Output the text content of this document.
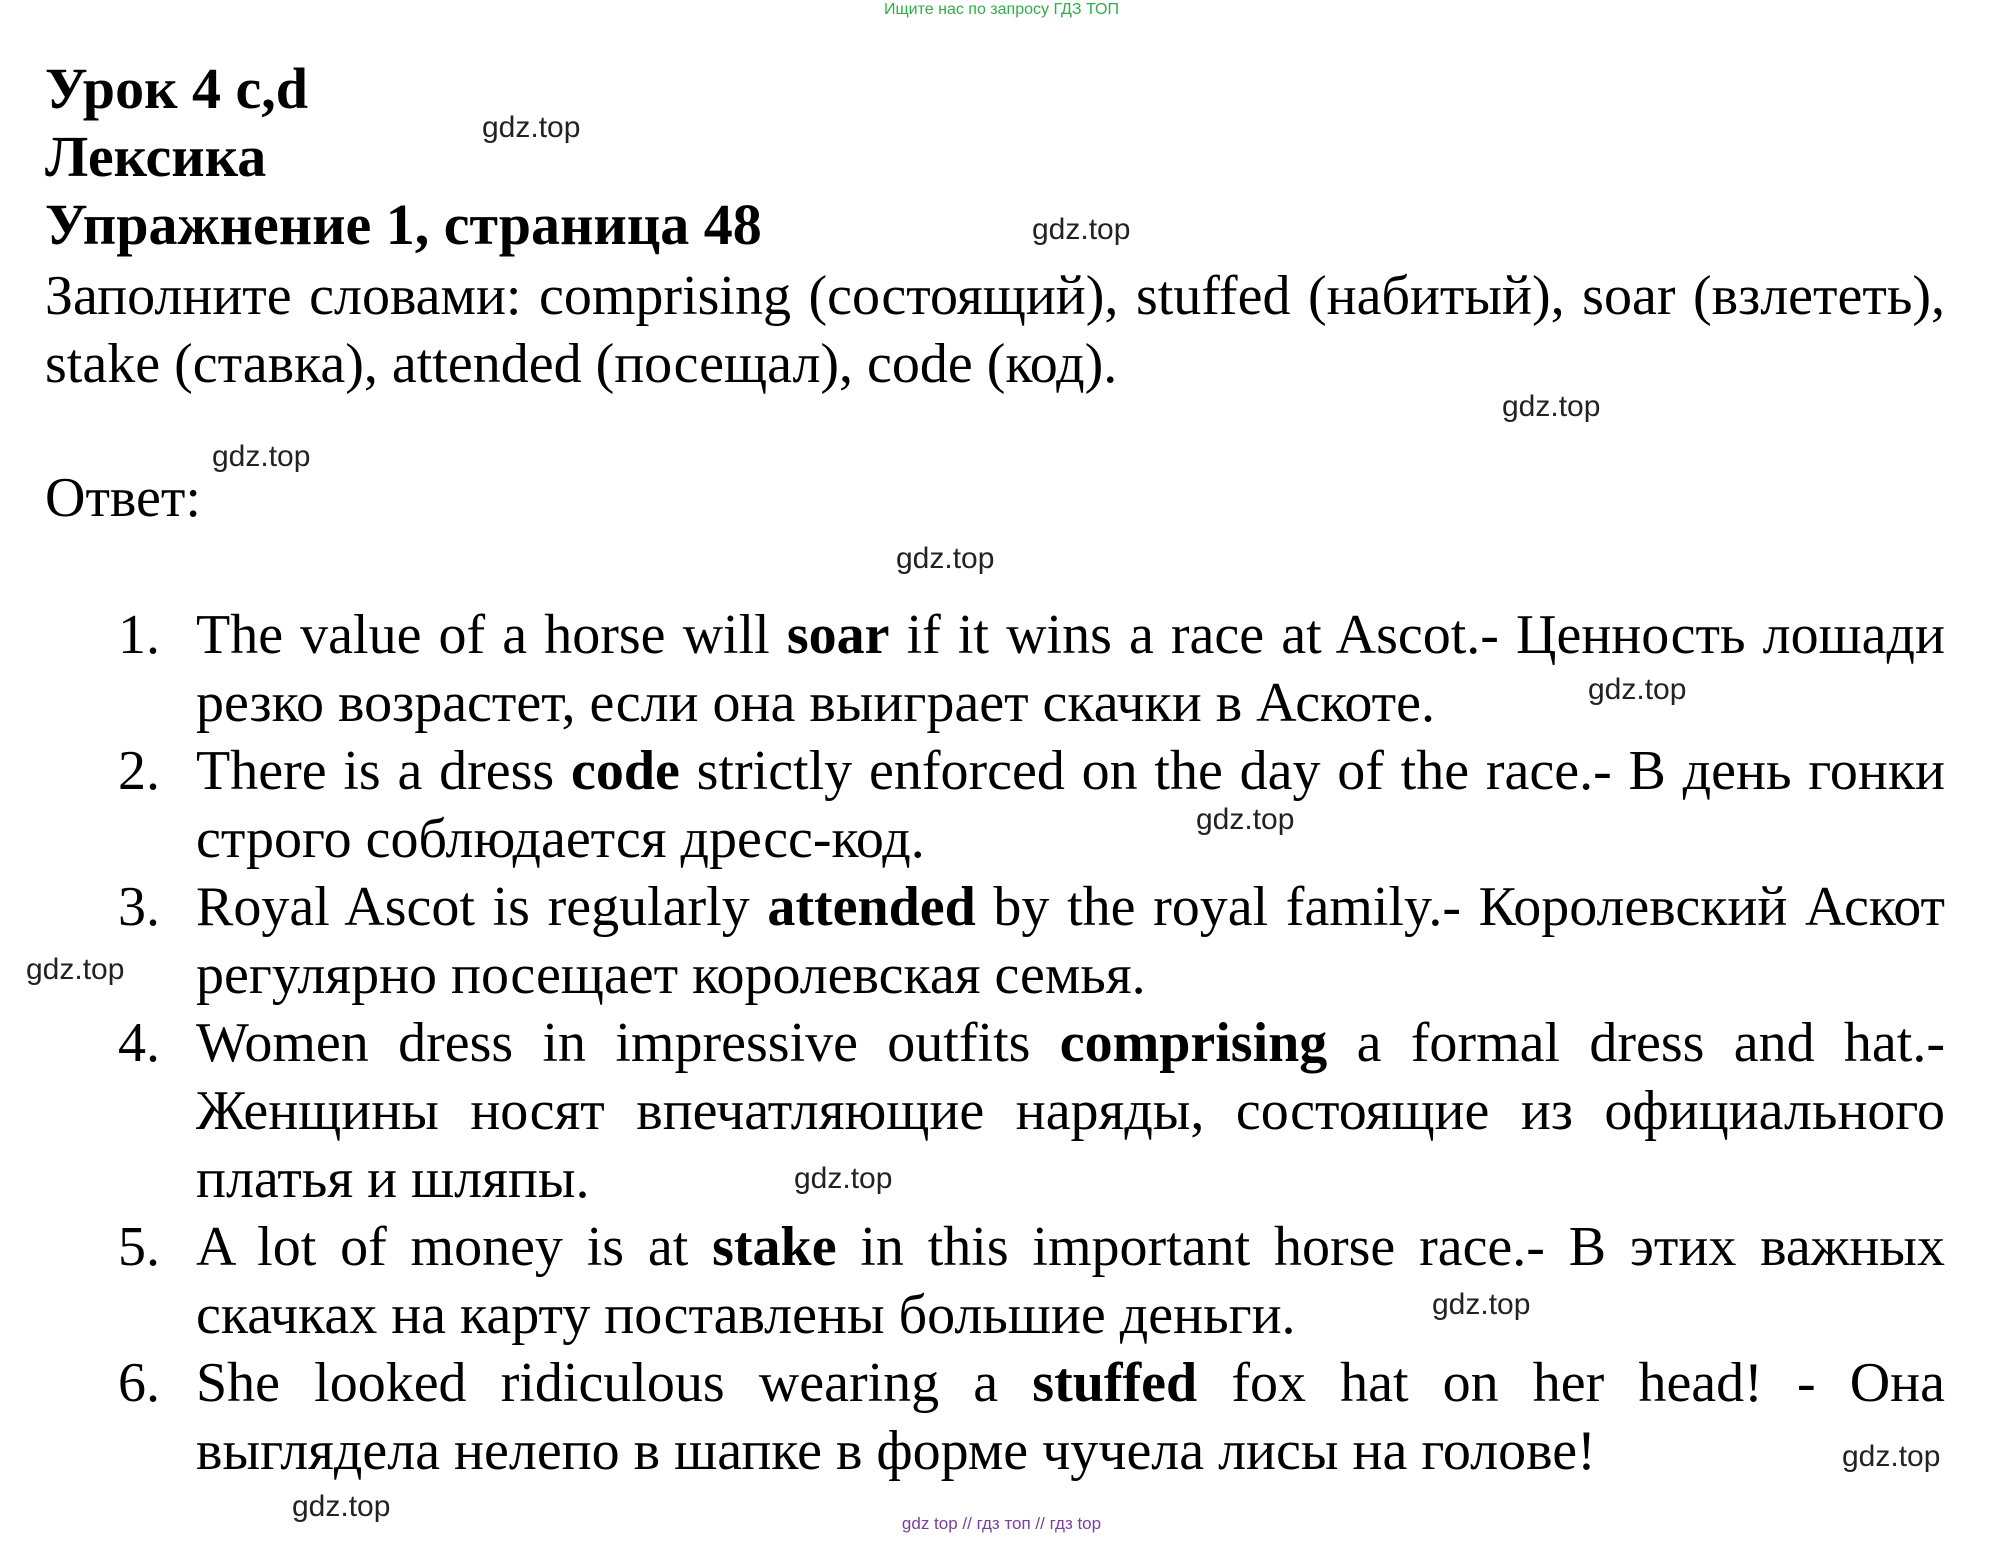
Ищите нас по запросу ГДЗ ТОП
Урок 4 c,d
Лексика
Упражнение 1, страница 48
Заполните словами: comprising (состоящий), stuffed (набитый), soar (взлететь), stake (ставка), attended (посещал), code (код).
Ответ:
1. The value of a horse will soar if it wins a race at Ascot.- Ценность лошади резко возрастет, если она выиграет скачки в Аскоте.
2. There is a dress code strictly enforced on the day of the race.- В день гонки строго соблюдается дресс-код.
3. Royal Ascot is regularly attended by the royal family.- Королевский Аскот регулярно посещает королевская семья.
4. Women dress in impressive outfits comprising a formal dress and hat.- Женщины носят впечатляющие наряды, состоящие из официального платья и шляпы.
5. A lot of money is at stake in this important horse race.- В этих важных скачках на карту поставлены большие деньги.
6. She looked ridiculous wearing a stuffed fox hat on her head! - Она выглядела нелепо в шапке в форме чучела лисы на голове!
gdz.top
gdz.top
gdz.top
gdz.top
gdz.top
gdz.top
gdz.top
gdz.top
gdz.top
gdz.top
gdz.top
gdz.top
gdz top // гдз топ // гдз top
